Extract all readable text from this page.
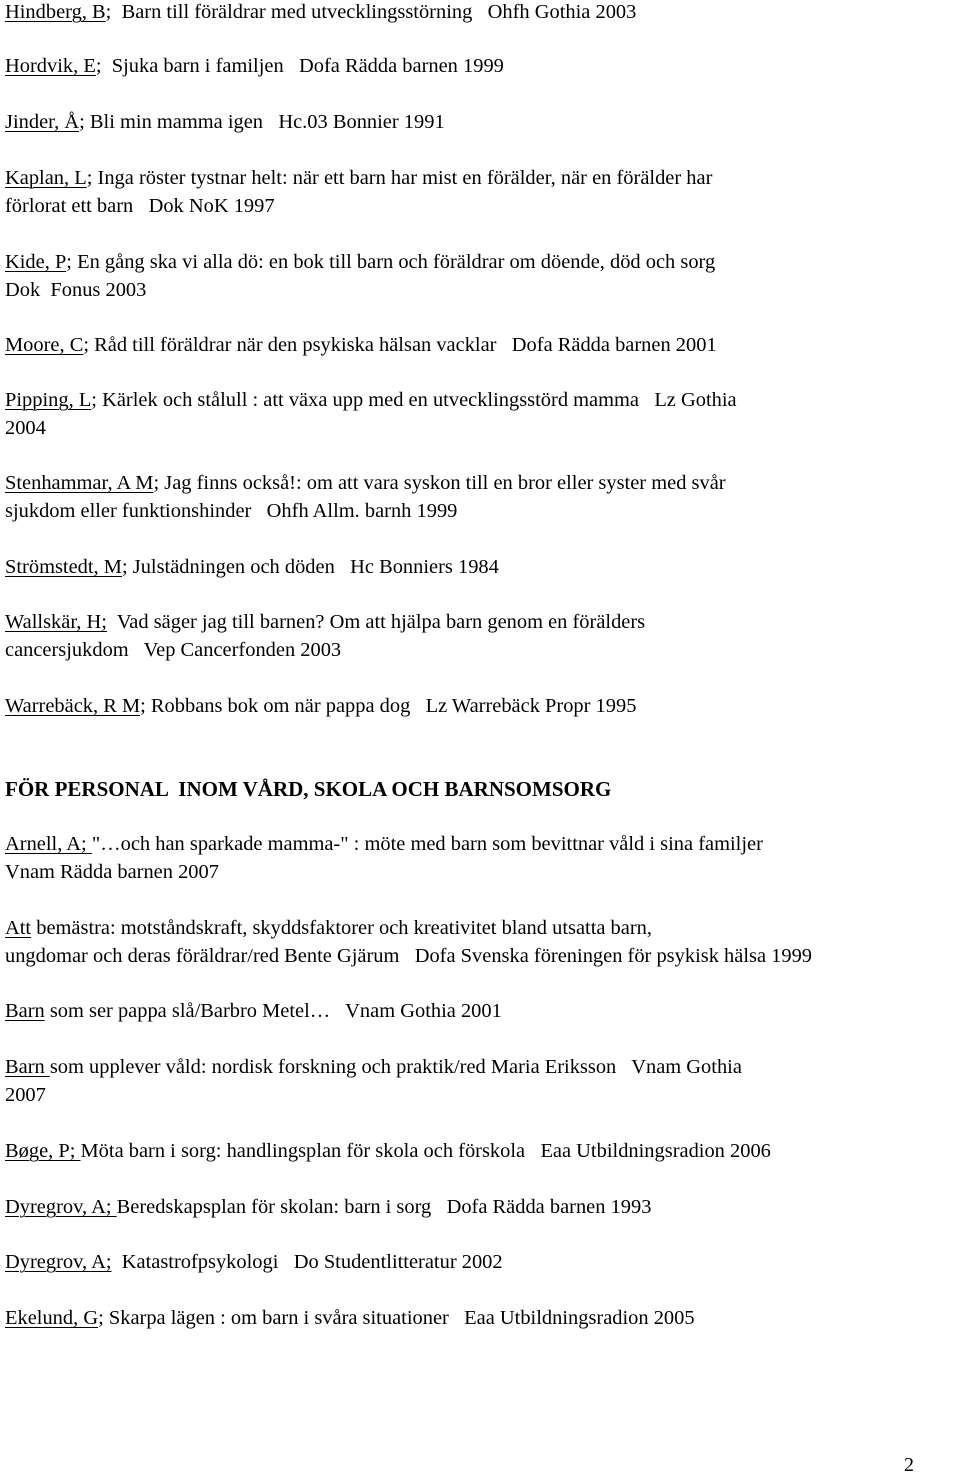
Hindberg, B;  Barn till föräldrar med utvecklingsstörning   Ohfh Gothia 2003
Hordvik, E;  Sjuka barn i familjen   Dofa Rädda barnen 1999
Jinder, Å; Bli min mamma igen   Hc.03 Bonnier 1991
Kaplan, L; Inga röster tystnar helt: när ett barn har mist en förälder, när en förälder har
förlorat ett barn   Dok NoK 1997
Kide, P; En gång ska vi alla dö: en bok till barn och föräldrar om döende, död och sorg
Dok  Fonus 2003
Moore, C; Råd till föräldrar när den psykiska hälsan vacklar   Dofa Rädda barnen 2001
Pipping, L; Kärlek och stålull : att växa upp med en utvecklingsstörd mamma   Lz Gothia
2004
Stenhammar, A M; Jag finns också!: om att vara syskon till en bror eller syster med svår
sjukdom eller funktionshinder   Ohfh Allm. barnh 1999
Strömstedt, M; Julstädningen och döden   Hc Bonniers 1984
Wallskär, H;  Vad säger jag till barnen? Om att hjälpa barn genom en förälders
cancersjukdom   Vep Cancerfonden 2003
Warrebäck, R M; Robbans bok om när pappa dog   Lz Warrebäck Propr 1995
FÖR PERSONAL  INOM VÅRD, SKOLA OCH BARNSOMSORG
Arnell, A; "…och han sparkade mamma-" : möte med barn som bevittnar våld i sina familjer
Vnam Rädda barnen 2007
Att bemästra: motståndskraft, skyddsfaktorer och kreativitet bland utsatta barn,
ungdomar och deras föräldrar/red Bente Gjärum   Dofa Svenska föreningen för psykisk hälsa 1999
Barn som ser pappa slå/Barbro Metel…   Vnam Gothia 2001
Barn som upplever våld: nordisk forskning och praktik/red Maria Eriksson   Vnam Gothia
2007
Bøge, P; Möta barn i sorg: handlingsplan för skola och förskola   Eaa Utbildningsradion 2006
Dyregrov, A; Beredskapsplan för skolan: barn i sorg   Dofa Rädda barnen 1993
Dyregrov, A;  Katastrofpsykologi   Do Studentlitteratur 2002
Ekelund, G; Skarpa lägen : om barn i svåra situationer   Eaa Utbildningsradion 2005
2
